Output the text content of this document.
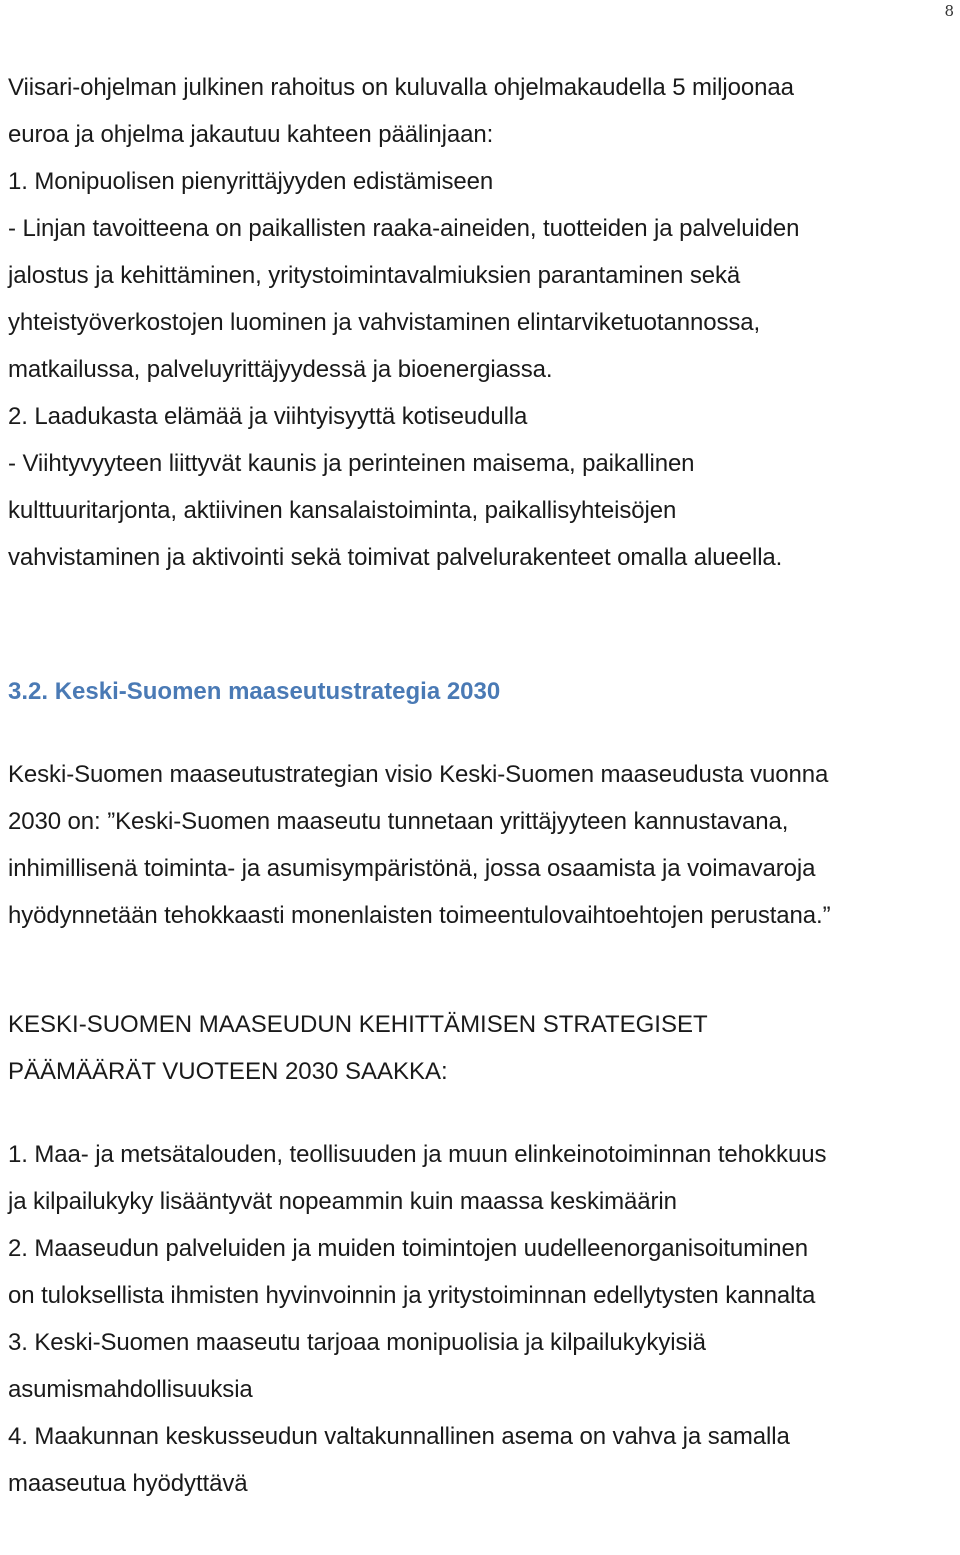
8
Viisari-ohjelman julkinen rahoitus on kuluvalla ohjelmakaudella 5 miljoonaa
euroa ja ohjelma jakautuu kahteen päälinjaan:
1. Monipuolisen pienyrittäjyyden edistämiseen
- Linjan tavoitteena on paikallisten raaka-aineiden, tuotteiden ja palveluiden
jalostus ja kehittäminen, yritystoimintavalmiuksien parantaminen sekä
yhteistyöverkostojen luominen ja vahvistaminen elintarviketuotannossa,
matkailussa, palveluyrittäjyydessä ja bioenergiassa.
2. Laadukasta elämää ja viihtyisyyttä kotiseudulla
- Viihtyvyyteen liittyvät kaunis ja perinteinen maisema, paikallinen
kulttuuritarjonta, aktiivinen kansalaistoiminta, paikallisyhteisöjen
vahvistaminen ja aktivointi sekä toimivat palvelurakenteet omalla alueella.
3.2. Keski-Suomen maaseutustrategia 2030
Keski-Suomen maaseutustrategian visio Keski-Suomen maaseudusta vuonna
2030 on: ”Keski-Suomen maaseutu tunnetaan yrittäjyyteen kannustavana,
inhimillisenä toiminta- ja asumisympäristönä, jossa osaamista ja voimavaroja
hyödynnetään tehokkaasti monenlaisten toimeentulovaihtoehtojen perustana.”
KESKI-SUOMEN MAASEUDUN KEHITTÄMISEN STRATEGISET
PÄÄMÄÄRÄT VUOTEEN 2030 SAAKKA:
1. Maa- ja metsätalouden, teollisuuden ja muun elinkeinotoiminnan tehokkuus
ja kilpailukyky lisääntyvät nopeammin kuin maassa keskimäärin
2. Maaseudun palveluiden ja muiden toimintojen uudelleenorganisoituminen
on tuloksellista ihmisten hyvinvoinnin ja yritystoiminnan edellytysten kannalta
3. Keski-Suomen maaseutu tarjoaa monipuolisia ja kilpailukykyisiä
asumismahdollisuuksia
4. Maakunnan keskusseudun valtakunnallinen asema on vahva ja samalla
maaseutua hyödyttävä
